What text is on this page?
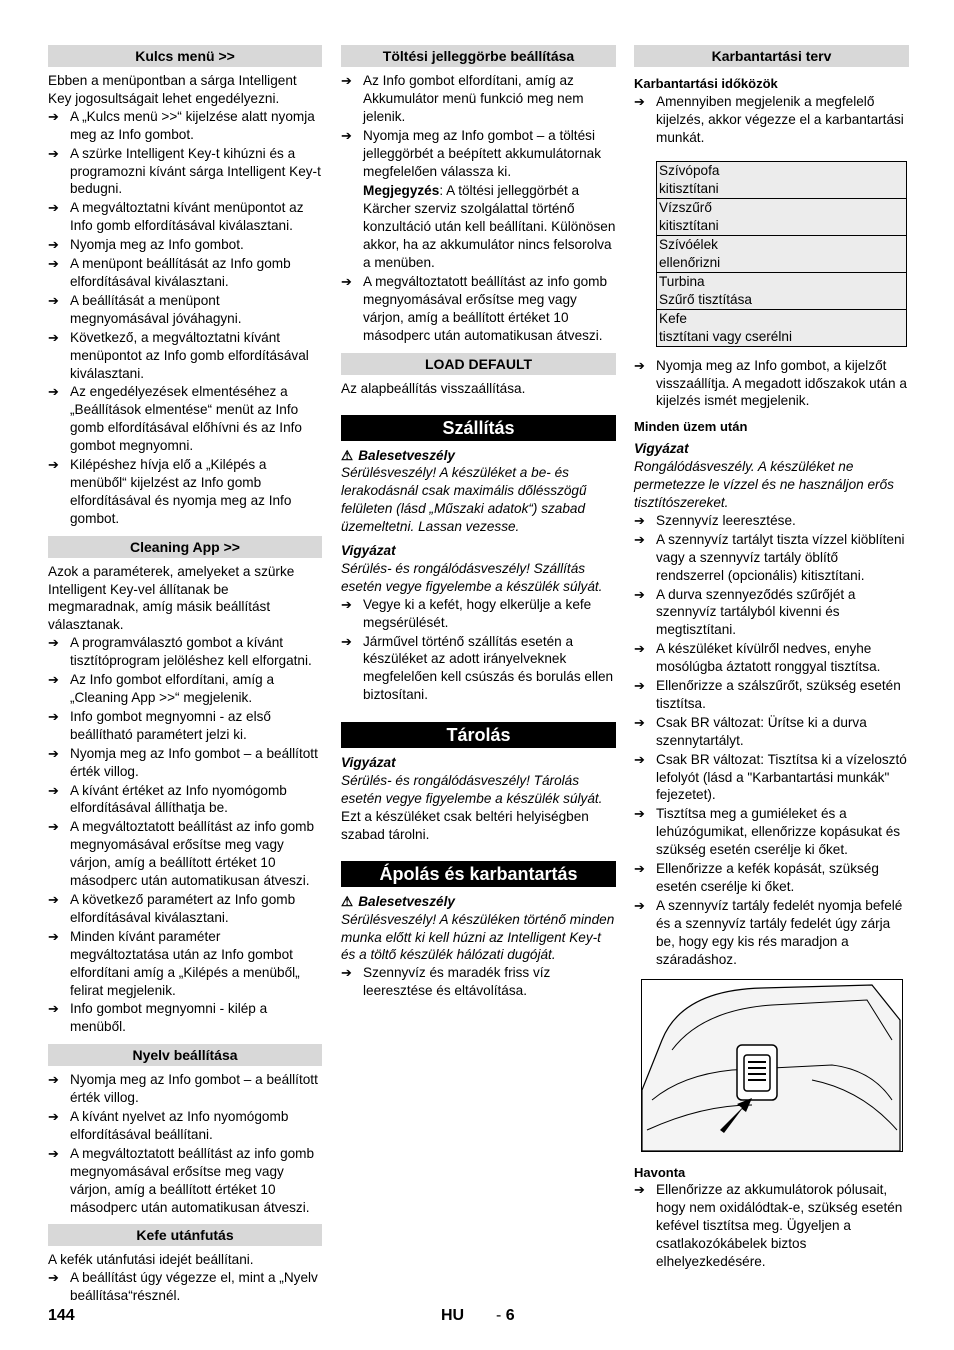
Kulcs menü >>

Ebben a menüpontban a sárga Intelligent Key jogosultságait lehet engedélyezni.

➔ A „Kulcs menü >>“ kijelzése alatt nyomja meg az Info gombot.
➔ A szürke Intelligent Key-t kihúzni és a programozni kívánt sárga Intelligent Key-t bedugni.
➔ A megváltoztatni kívánt menüpontot az Info gomb elfordításával kiválasztani.
➔ Nyomja meg az Info gombot.
➔ A menüpont beállítását az Info gomb elfordításával kiválasztani.
➔ A beállítását a menüpont megnyomásával jóváhagyni.
➔ Következő, a megváltoztatni kívánt menüpontot az Info gomb elfordításával kiválasztani.
➔ Az engedélyezések elmentéséhez a „Beállítások elmentése“ menüt az Info gomb elfordításával előhívni és az Info gombot megnyomni.
➔ Kilépéshez hívja elő a „Kilépés a menüből“ kijelzést az Info gomb elfordításával és nyomja meg az Info gombot.
Cleaning App >>

Azok a paraméterek, amelyeket a szürke Intelligent Key-vel állítanak be megmaradnak, amíg másik beállítást választanak.

➔ A programválasztó gombot a kívánt tisztítóprogram jelöléshez kell elforgatni.
➔ Az Info gombot elfordítani, amíg a „Cleaning App >>“ megjelenik.
➔ Info gombot megnyomni - az első beállítható paramétert jelzi ki.
➔ Nyomja meg az Info gombot – a beállított érték villog.
➔ A kívánt értéket az Info nyomógomb elfordításával állíthatja be.
➔ A megváltoztatott beállítást az info gomb megnyomásával erősítse meg vagy várjon, amíg a beállított értéket 10 másodperc után automatikusan átveszi.
➔ A következő paramétert az Info gomb elfordításával kiválasztani.
➔ Minden kívánt paraméter megváltoztatása után az Info gombot elfordítani amíg a „Kilépés a menüből„ felirat megjelenik.
➔ Info gombot megnyomni - kilép a menüből.
Nyelv beállítása
➔ Nyomja meg az Info gombot – a beállított érték villog.
➔ A kívánt nyelvet az Info nyomógomb elfordításával beállítani.
➔ A megváltoztatott beállítást az info gomb megnyomásával erősítse meg vagy várjon, amíg a beállított értéket 10 másodperc után automatikusan átveszi.
Kefe utánfutás

A kefék utánfutási idejét beállítani.

➔ A beállítást úgy végezze el, mint a „Nyelv beállítása“résznél.
Töltési jelleggörbe beállítása
➔ Az Info gombot elfordítani, amíg az Akkumulátor menü funkció meg nem jelenik.
➔ Nyomja meg az Info gombot – a töltési jelleggörbét a beépített akkumulátornak megfelelően válassza ki.
Megjegyzés: A töltési jelleggörbét a Kärcher szerviz szolgálattal történő konzultáció után kell beállítani. Különösen akkor, ha az akkumulátor nincs felsorolva a menüben.
➔ A megváltoztatott beállítást az info gomb megnyomásával erősítse meg vagy várjon, amíg a beállított értéket 10 másodperc után automatikusan átveszi.
LOAD DEFAULT

Az alapbeállítás visszaállítása.

Szállítás

⚠ Balesetveszély

Sérülésveszély! A készüléket a be- és lerakodásnál csak maximális dőlésszögű felületen (lásd „Műszaki adatok“) szabad üzemeltetni. Lassan vezesse.

Vigyázat

Sérülés- és rongálódásveszély! Szállítás esetén vegye figyelembe a készülék súlyát.

➔ Vegye ki a kefét, hogy elkerülje a kefe megsérülését.
➔ Járművel történő szállítás esetén a készüléket az adott irányelveknek megfelelően kell csúszás és borulás ellen biztosítani.
Tárolás

Vigyázat

Sérülés- és rongálódásveszély! Tárolás esetén vegye figyelembe a készülék súlyát.

Ezt a készüléket csak beltéri helyiségben szabad tárolni.

Ápolás és karbantartás

⚠ Balesetveszély

Sérülésveszély! A készüléken történő minden munka előtt ki kell húzni az Intelligent Key-t és a töltő készülék hálózati dugóját.

➔ Szennyvíz és maradék friss víz leeresztése és eltávolítása.
Karbantartási terv

Karbantartási időközök

➔ Amennyiben megjelenik a megfelelő kijelzés, akkor végezze el a karbantartási munkát.
Szívópofa
kitisztítani

Vízszűrő
kitisztítani

Szívóélek
ellenőrizni

Turbina
Szűrő tisztítása

Kefe
tisztítani vagy cserélni
➔ Nyomja meg az Info gombot, a kijelzőt visszaállítja. A megadott időszakok után a kijelzés ismét megjelenik.

Minden üzem után

Vigyázat

Rongálódásveszély. A készüléket ne permetezze le vízzel és ne használjon erős tisztítószereket.

➔ Szennyvíz leeresztése.
➔ A szennyvíz tartályt tiszta vízzel kiöblíteni vagy a szennyvíz tartály öblítő rendszerrel (opcionális) kitisztítani.
➔ A durva szennyeződés szűrőjét a szennyvíz tartályból kivenni és megtisztítani.
➔ A készüléket kívülről nedves, enyhe mosólúgba áztatott ronggyal tisztítsa.
➔ Ellenőrizze a szálszűrőt, szükség esetén tisztítsa.
➔ Csak BR változat: Ürítse ki a durva szennytartályt.
➔ Csak BR változat: Tisztítsa ki a vízelosztó lefolyót (lásd a "Karbantartási munkák" fejezetet).
➔ Tisztítsa meg a gumiéleket és a lehúzógumikat, ellenőrizze kopásukat és szükség esetén cserélje ki őket.
➔ Ellenőrizze a kefék kopását, szükség esetén cserélje ki őket.
➔ A szennyvíz tartály fedelét nyomja befelé és a szennyvíz tartály fedelét úgy zárja be, hogy egy kis rés maradjon a száradáshoz.

Havonta

➔ Ellenőrizze az akkumulátorok pólusait, hogy nem oxidálódtak-e, szükség esetén kefével tisztítsa meg. Ügyeljen a csatlakozókábelek biztos elhelyezkedésére.
144	HU - 6
